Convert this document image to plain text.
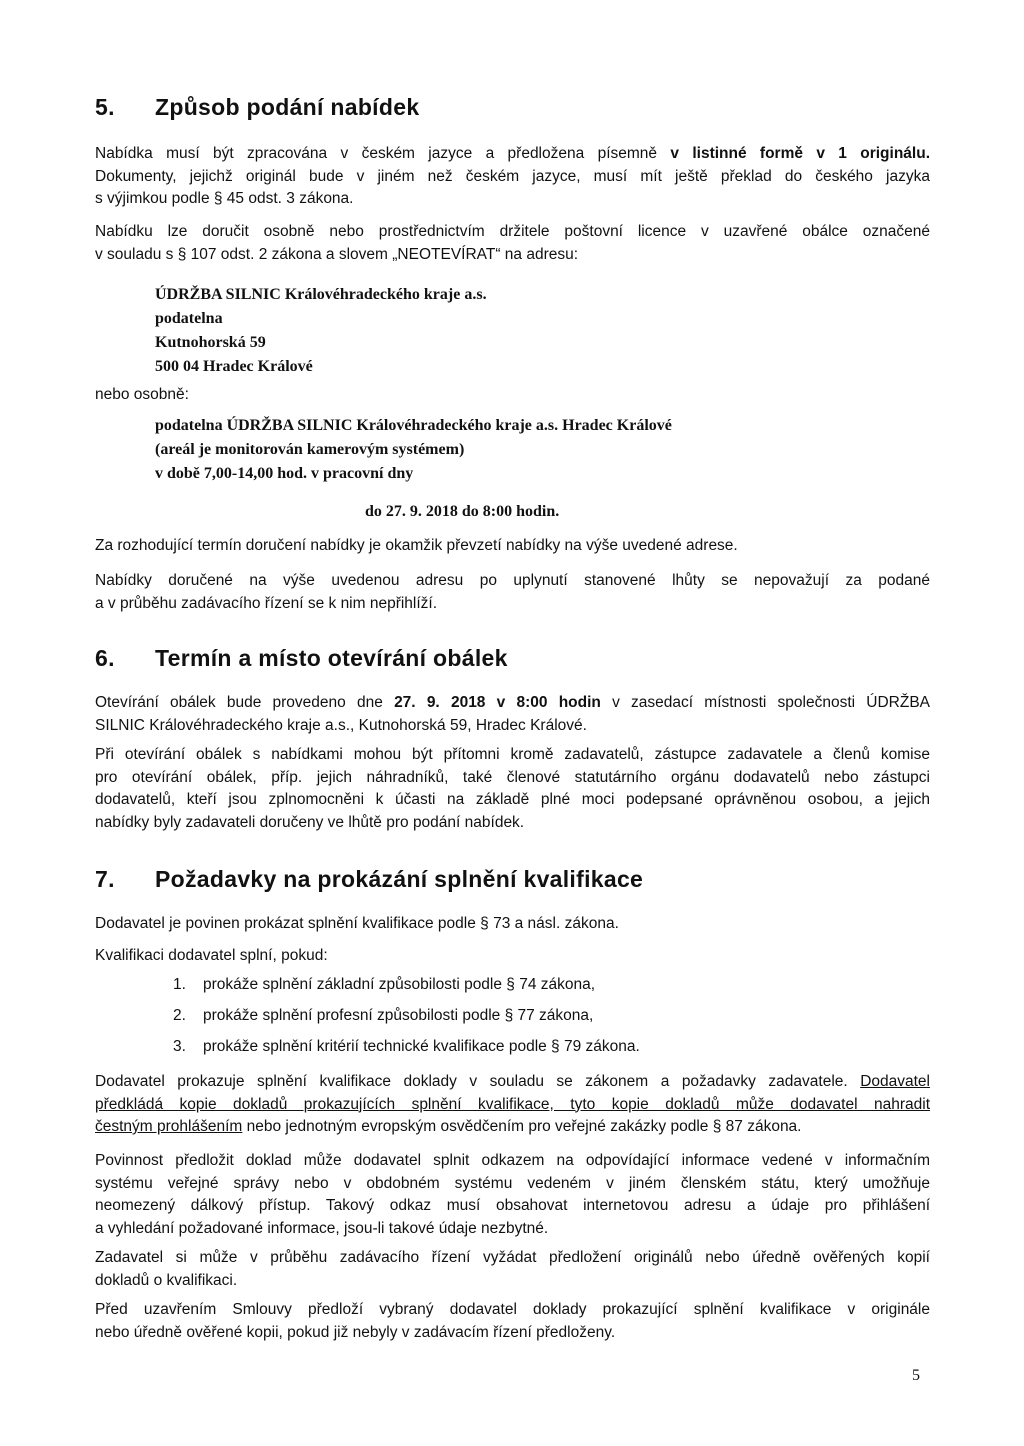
5. Způsob podání nabídek
Nabídka musí být zpracována v českém jazyce a předložena písemně v listinné formě v 1 originálu.
Dokumenty, jejichž originál bude v jiném než českém jazyce, musí mít ještě překlad do českého jazyka
s výjimkou podle § 45 odst. 3 zákona.
Nabídku lze doručit osobně nebo prostřednictvím držitele poštovní licence v uzavřené obálce označené
v souladu s § 107 odst. 2 zákona a slovem „NEOTEVÍRAT“ na adresu:
ÚDRŽBA SILNIC Královéhradeckého kraje a.s.
podatelna
Kutnohorská 59
500 04 Hradec Králové
nebo osobně:
podatelna ÚDRŽBA SILNIC Královéhradeckého kraje a.s. Hradec Králové
(areál je monitorován kamerovým systémem)
v době 7,00-14,00 hod. v pracovní dny
do 27. 9. 2018 do 8:00 hodin.
Za rozhodující termín doručení nabídky je okamžik převzetí nabídky na výše uvedené adrese.
Nabídky doručené na výše uvedenou adresu po uplynutí stanovené lhůty se nepovažují za podané
a v průběhu zadávacího řízení se k nim nepřihlíží.
6. Termín a místo otevírání obálek
Otevírání obálek bude provedeno dne 27. 9. 2018 v 8:00 hodin v zasedací místnosti společnosti ÚDRŽBA
SILNIC Královéhradeckého kraje a.s., Kutnohorská 59, Hradec Králové.
Při otevírání obálek s nabídkami mohou být přítomni kromě zadavatelů, zástupce zadavatele a členů komise
pro otevírání obálek, příp. jejich náhradníků, také členové statutárního orgánu dodavatelů nebo zástupci
dodavatelů, kteří jsou zplnomocněni k účasti na základě plné moci podepsané oprávněnou osobou, a jejich
nabídky byly zadavateli doručeny ve lhůtě pro podání nabídek.
7. Požadavky na prokázání splnění kvalifikace
Dodavatel je povinen prokázat splnění kvalifikace podle § 73 a násl. zákona.
Kvalifikaci dodavatel splní, pokud:
1. prokáže splnění základní způsobilosti podle § 74 zákona,
2. prokáže splnění profesní způsobilosti podle § 77 zákona,
3. prokáže splnění kritérií technické kvalifikace podle § 79 zákona.
Dodavatel prokazuje splnění kvalifikace doklady v souladu se zákonem a požadavky zadavatele. Dodavatel
předkládá kopie dokladů prokazujících splnění kvalifikace, tyto kopie dokladů může dodavatel nahradit
čestným prohlášením nebo jednotným evropským osvědčením pro veřejné zakázky podle § 87 zákona.
Povinnost předložit doklad může dodavatel splnit odkazem na odpovídající informace vedené v informačním
systému veřejné správy nebo v obdobném systému vedeném v jiném členském státu, který umožňuje
neomezený dálkový přístup. Takový odkaz musí obsahovat internetovou adresu a údaje pro přihlášení
a vyhledání požadované informace, jsou-li takové údaje nezbytné.
Zadavatel si může v průběhu zadávacího řízení vyžádat předložení originálů nebo úředně ověřených kopií
dokladů o kvalifikaci.
Před uzavřením Smlouvy předloží vybraný dodavatel doklady prokazující splnění kvalifikace v originále
nebo úředně ověřené kopii, pokud již nebyly v zadávacím řízení předloženy.
5
